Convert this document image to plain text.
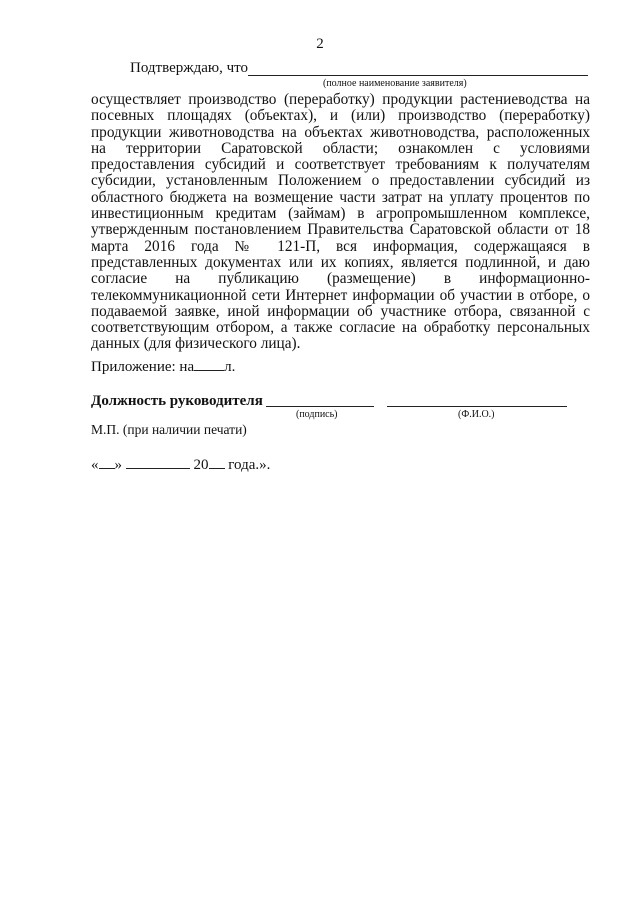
2
Подтверждаю, что
(полное наименование заявителя)
осуществляет производство (переработку) продукции растениеводства на посевных площадях (объектах), и (или) производство (переработку) продукции животноводства на объектах животноводства, расположенных на территории Саратовской области; ознакомлен с условиями предоставления субсидий и соответствует требованиям к получателям субсидии, установленным Положением о предоставлении субсидий из областного бюджета на возмещение части затрат на уплату процентов по инвестиционным кредитам (займам) в агропромышленном комплексе, утвержденным постановлением Правительства Саратовской области от 18 марта 2016 года № 121-П, вся информация, содержащаяся в представленных документах или их копиях, является подлинной, и даю согласие на публикацию (размещение) в информационно-телекоммуникационной сети Интернет информации об участии в отборе, о подаваемой заявке, иной информации об участнике отбора, связанной с соответствующим отбором, а также согласие на обработку персональных данных (для физического лица).
Приложение: на л.
Должность руководителя
(подпись)	(Ф.И.О.)
М.П. (при наличии печати)
« »	20 года.».
